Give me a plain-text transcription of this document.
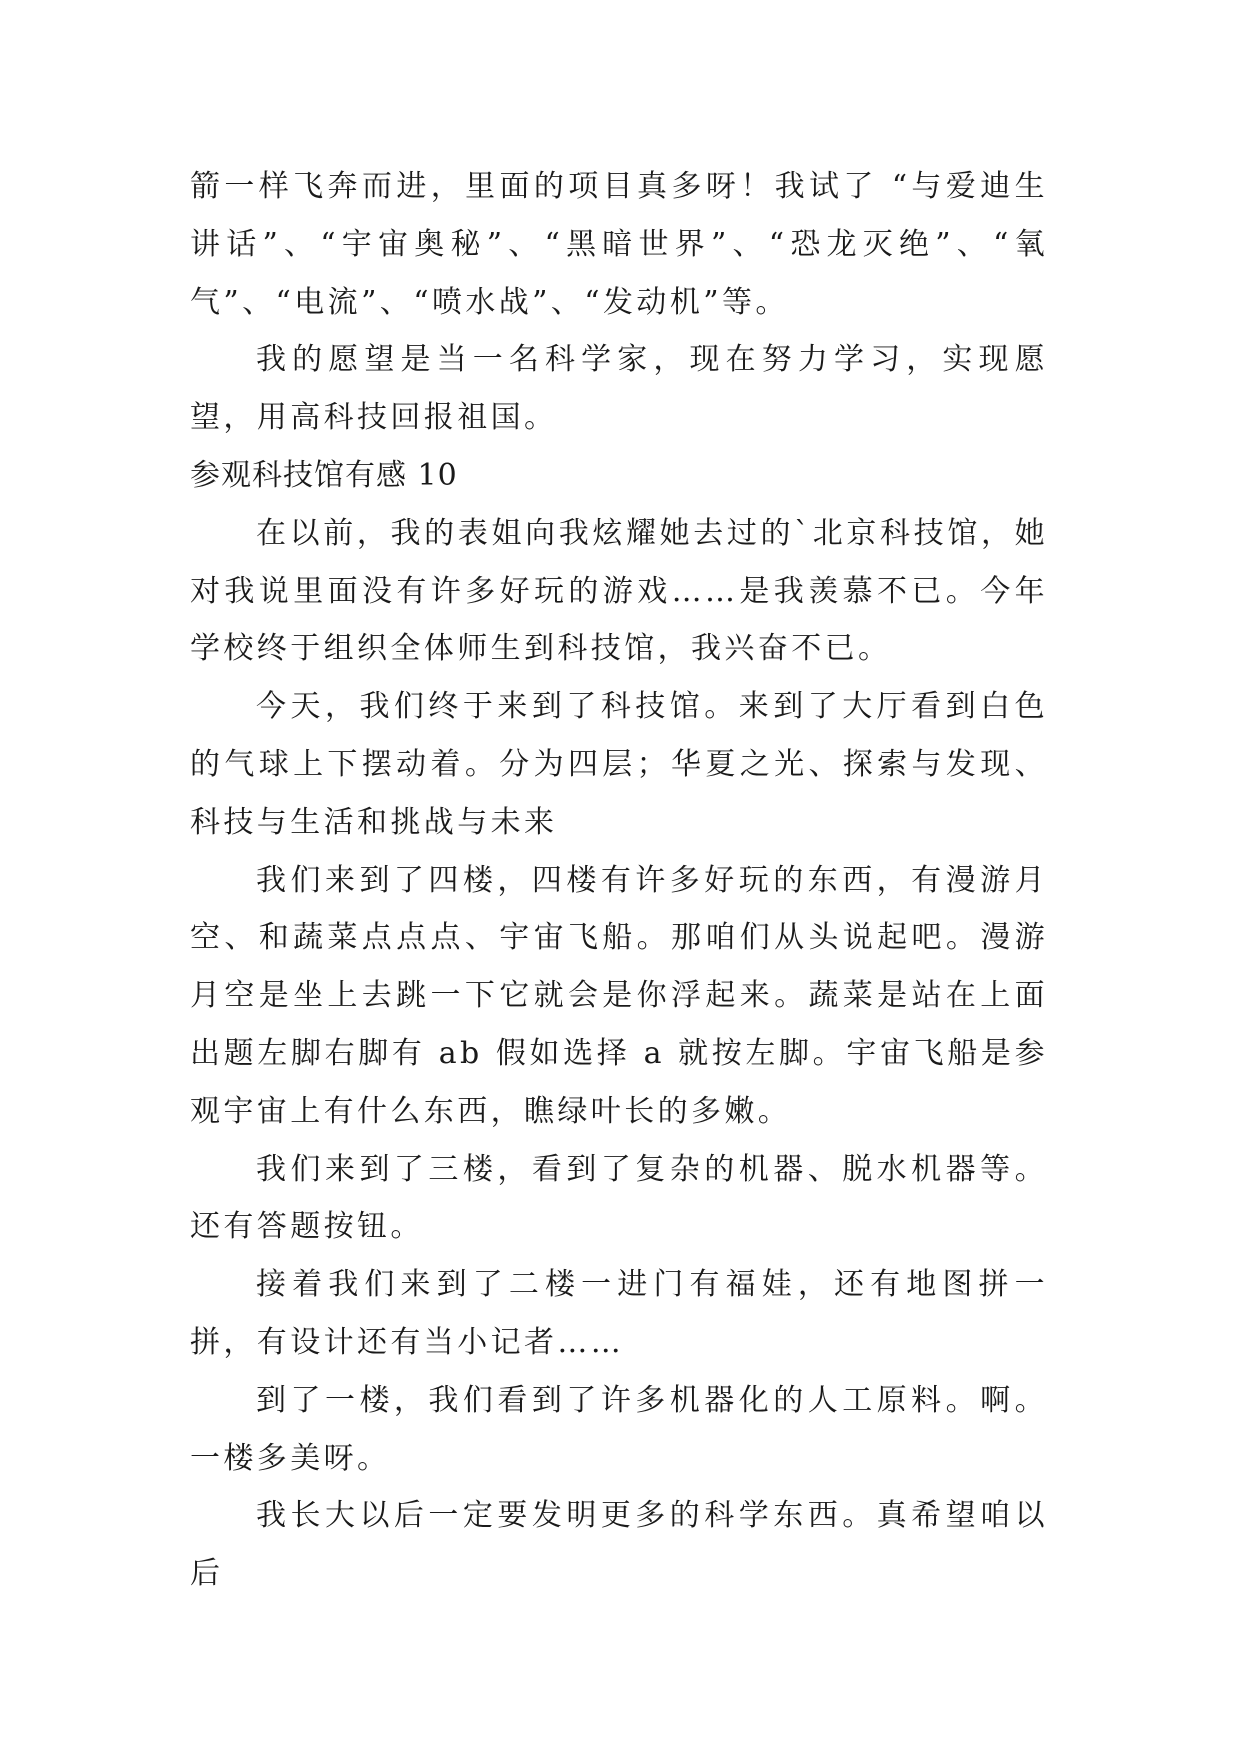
箭一样飞奔而进，里面的项目真多呀！我试了 “与爱迪生讲话”、“宇宙奥秘”、“黑暗世界”、“恐龙灭绝”、“氧气”、“电流”、“喷水战”、“发动机”等。

我的愿望是当一名科学家，现在努力学习，实现愿望，用高科技回报祖国。

参观科技馆有感 10

在以前，我的表姐向我炫耀她去过的`北京科技馆，她对我说里面没有许多好玩的游戏……是我羡慕不已。今年学校终于组织全体师生到科技馆，我兴奋不已。

今天，我们终于来到了科技馆。来到了大厅看到白色的气球上下摆动着。分为四层；华夏之光、探索与发现、科技与生活和挑战与未来

我们来到了四楼，四楼有许多好玩的东西，有漫游月空、和蔬菜点点点、宇宙飞船。那咱们从头说起吧。漫游月空是坐上去跳一下它就会是你浮起来。蔬菜是站在上面出题左脚右脚有 ab 假如选择 a 就按左脚。宇宙飞船是参观宇宙上有什么东西，瞧绿叶长的多嫩。

我们来到了三楼，看到了复杂的机器、脱水机器等。还有答题按钮。

接着我们来到了二楼一进门有福娃，还有地图拼一拼，有设计还有当小记者……

到了一楼，我们看到了许多机器化的人工原料。啊。一楼多美呀。

我长大以后一定要发明更多的科学东西。真希望咱以后
